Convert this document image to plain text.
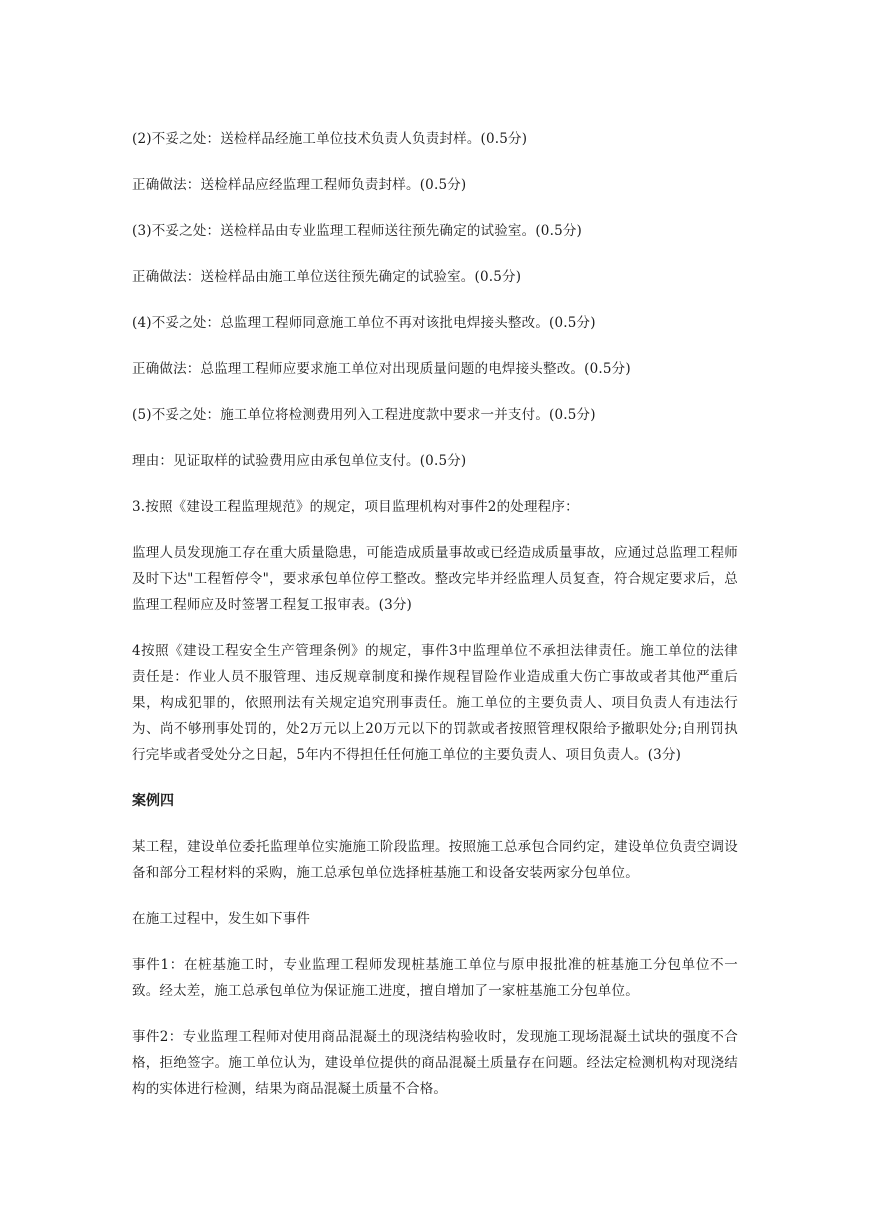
(2)不妥之处：送检样品经施工单位技术负责人负责封样。(0.5分)

正确做法：送检样品应经监理工程师负责封样。(0.5分)

(3)不妥之处：送检样品由专业监理工程师送往预先确定的试验室。(0.5分)

正确做法：送检样品由施工单位送往预先确定的试验室。(0.5分)

(4)不妥之处：总监理工程师同意施工单位不再对该批电焊接头整改。(0.5分)

正确做法：总监理工程师应要求施工单位对出现质量问题的电焊接头整改。(0.5分)

(5)不妥之处：施工单位将检测费用列入工程进度款中要求一并支付。(0.5分)

理由：见证取样的试验费用应由承包单位支付。(0.5分)

3.按照《建设工程监理规范》的规定，项目监理机构对事件2的处理程序：

监理人员发现施工存在重大质量隐患，可能造成质量事故或已经造成质量事故，应通过总监理工程师及时下达"工程暂停令"，要求承包单位停工整改。整改完毕并经监理人员复查，符合规定要求后，总监理工程师应及时签署工程复工报审表。(3分)

4按照《建设工程安全生产管理条例》的规定，事件3中监理单位不承担法律责任。施工单位的法律责任是：作业人员不服管理、违反规章制度和操作规程冒险作业造成重大伤亡事故或者其他严重后果，构成犯罪的，依照刑法有关规定追究刑事责任。施工单位的主要负责人、项目负责人有违法行为、尚不够刑事处罚的，处2万元以上20万元以下的罚款或者按照管理权限给予撤职处分;自刑罚执行完毕或者受处分之日起，5年内不得担任任何施工单位的主要负责人、项目负责人。(3分)

案例四

某工程，建设单位委托监理单位实施施工阶段监理。按照施工总承包合同约定，建设单位负责空调设备和部分工程材料的采购，施工总承包单位选择桩基施工和设备安装两家分包单位。

在施工过程中，发生如下事件

事件1：在桩基施工时，专业监理工程师发现桩基施工单位与原申报批准的桩基施工分包单位不一致。经太差，施工总承包单位为保证施工进度，擅自增加了一家桩基施工分包单位。

事件2：专业监理工程师对使用商品混凝土的现浇结构验收时，发现施工现场混凝土试块的强度不合格，拒绝签字。施工单位认为，建设单位提供的商品混凝土质量存在问题。经法定检测机构对现浇结构的实体进行检测，结果为商品混凝土质量不合格。
